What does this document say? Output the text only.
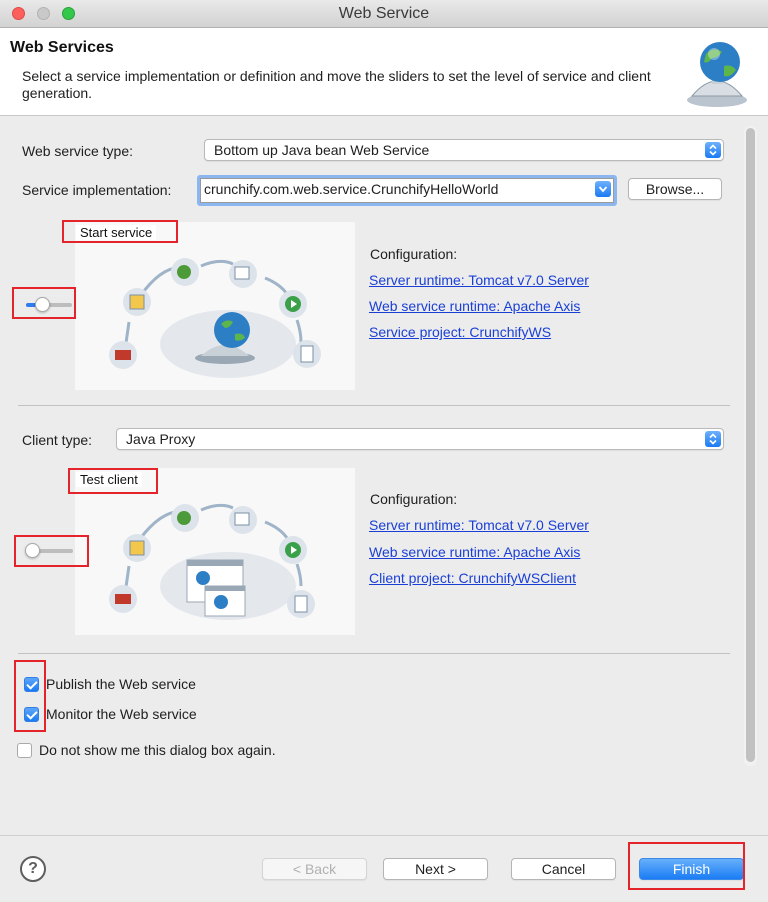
Web Service
Web Services
Select a service implementation or definition and move the sliders to set the level of service and client generation.
Web service type:	Bottom up Java bean Web Service
Service implementation: crunchify.com.web.service.CrunchifyHelloWorld	Browse...
Start service
Configuration:
Server runtime: Tomcat v7.0 Server
Web service runtime: Apache Axis
Service project: CrunchifyWS
Client type: Java Proxy
Test client
Configuration:
Server runtime: Tomcat v7.0 Server
Web service runtime: Apache Axis
Client project: CrunchifyWSClient
Publish the Web service
Monitor the Web service
Do not show me this dialog box again.
?	< Back	Next >	Cancel	Finish
